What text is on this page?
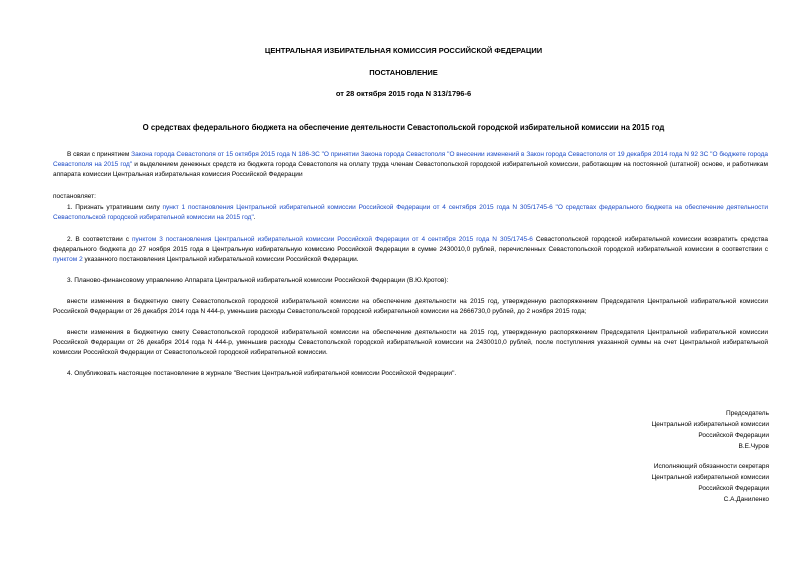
ЦЕНТРАЛЬНАЯ ИЗБИРАТЕЛЬНАЯ КОМИССИЯ РОССИЙСКОЙ ФЕДЕРАЦИИ
ПОСТАНОВЛЕНИЕ
от 28 октября 2015 года N 313/1796-6
О средствах федерального бюджета на обеспечение деятельности Севастопольской городской избирательной комиссии на 2015 год

В связи с принятием Закона города Севастополя от 15 октября 2015 года N 186-ЗС "О принятии Закона города Севастополя "О внесении изменений в Закон города Севастополя от 19 декабря 2014 года N 92 ЗС "О бюджете города Севастополя на 2015 год" и выделением денежных средств из бюджета города Севастополя на оплату труда членам Севастопольской городской избирательной комиссии, работающим на постоянной (штатной) основе, и работникам аппарата комиссии Центральная избирательная комиссия Российской Федерации

постановляет:

1. Признать утратившим силу пункт 1 постановления Центральной избирательной комиссии Российской Федерации от 4 сентября 2015 года N 305/1745-6 "О средствах федерального бюджета на обеспечение деятельности Севастопольской городской избирательной комиссии на 2015 год".

2. В соответствии с пунктом 3 постановления Центральной избирательной комиссии Российской Федерации от 4 сентября 2015 года N 305/1745-6 Севастопольской городской избирательной комиссии возвратить средства федерального бюджета до 27 ноября 2015 года в Центральную избирательную комиссию Российской Федерации в сумме 2430010,0 рублей, перечисленных Севастопольской городской избирательной комиссии в соответствии с пунктом 2 указанного постановления Центральной избирательной комиссии Российской Федерации.

3. Планово-финансовому управлению Аппарата Центральной избирательной комиссии Российской Федерации (В.Ю.Кротов):

внести изменения в бюджетную смету Севастопольской городской избирательной комиссии на обеспечение деятельности на 2015 год, утвержденную распоряжением Председателя Центральной избирательной комиссии Российской Федерации от 26 декабря 2014 года N 444-р, уменьшив расходы Севастопольской городской избирательной комиссии на 2666730,0 рублей, до 2 ноября 2015 года;

внести изменения в бюджетную смету Севастопольской городской избирательной комиссии на обеспечение деятельности на 2015 год, утвержденную распоряжением Председателя Центральной избирательной комиссии Российской Федерации от 26 декабря 2014 года N 444-р, уменьшив расходы Севастопольской городской избирательной комиссии на 2430010,0 рублей, после поступления указанной суммы на счет Центральной избирательной комиссии Российской Федерации от Севастопольской городской избирательной комиссии.

4. Опубликовать настоящее постановление в журнале "Вестник Центральной избирательной комиссии Российской Федерации".

Председатель
Центральной избирательной комиссии
Российской Федерации
В.Е.Чуров
Исполняющий обязанности секретаря
Центральной избирательной комиссии
Российской Федерации
С.А.Даниленко
